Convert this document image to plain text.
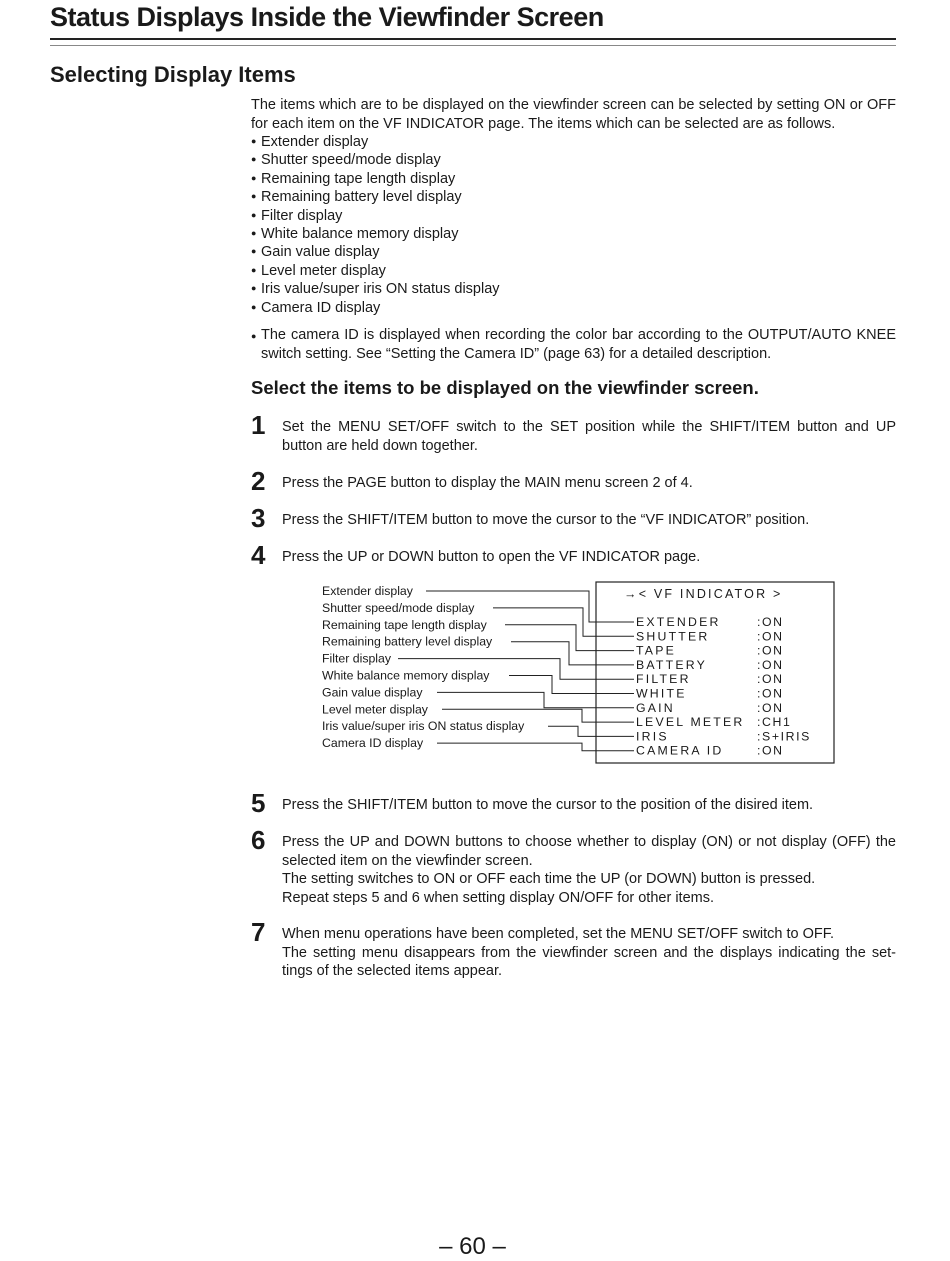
Status Displays Inside the Viewfinder Screen
Selecting Display Items

The items which are to be displayed on the viewfinder screen can be selected by setting ON or OFF for each item on the VF INDICATOR page. The items which can be selected are as follows.

● Extender display
● Shutter speed/mode display
● Remaining tape length display
● Remaining battery level display
● Filter display
● White balance memory display
● Gain value display
● Level meter display
● Iris value/super iris ON status display
● Camera ID display

● The camera ID is displayed when recording the color bar according to the OUTPUT/AUTO KNEE switch setting. See “Setting the Camera ID” (page 63) for a detailed description.

Select the items to be displayed on the viewfinder screen.
1 Set the MENU SET/OFF switch to the SET position while the SHIFT/ITEM button and UP button are held down together.

2 Press the PAGE button to display the MAIN menu screen 2 of 4.

3 Press the SHIFT/ITEM button to move the cursor to the “VF INDICATOR” position.

4 Press the UP or DOWN button to open the VF INDICATOR page.

→< VF INDICATOR >
Extender display
Shutter speed/mode display
Remaining tape length display
Remaining battery level display
Filter display
White balance memory display
Gain value display
Level meter display
Iris value/super iris ON status display
Camera ID display
EXTENDER	:ON
SHUTTER	:ON
TAPE	:ON
BATTERY	:ON
FILTER	:ON
WHITE	:ON
GAIN	:ON
LEVEL METER :CH1
IRIS	:S+IRIS
CAMERA ID	:ON
5 Press the SHIFT/ITEM button to move the cursor to the position of the disired item.

6 Press the UP and DOWN buttons to choose whether to display (ON) or not display (OFF) the selected item on the viewfinder screen.
The setting switches to ON or OFF each time the UP (or DOWN) button is pressed.
Repeat steps 5 and 6 when setting display ON/OFF for other items.

7 When menu operations have been completed, set the MENU SET/OFF switch to OFF.
The setting menu disappears from the viewfinder screen and the displays indicating the set-tings of the selected items appear.

– 60 –
